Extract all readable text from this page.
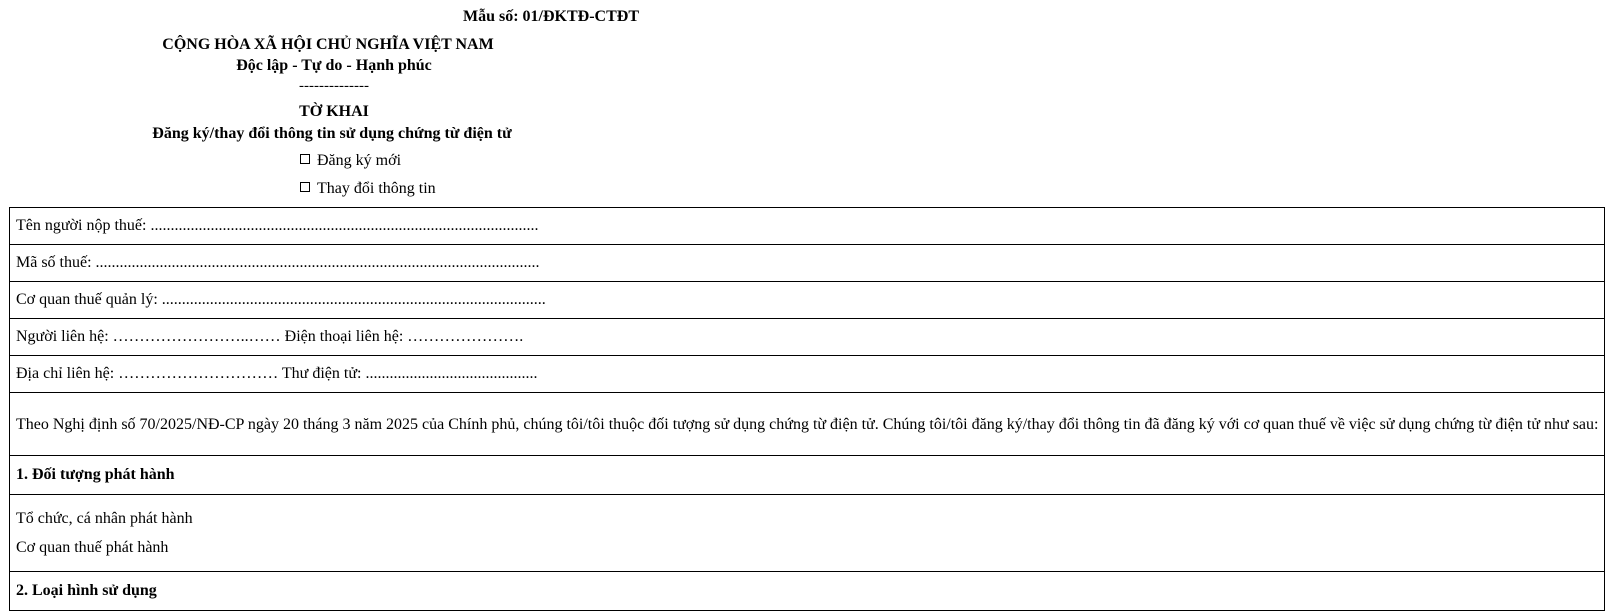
Mẫu số: 01/ĐKTĐ-CTĐT
CỘNG HÒA XÃ HỘI CHỦ NGHĨA VIỆT NAM
Độc lập - Tự do - Hạnh phúc
--------------
TỜ KHAI
Đăng ký/thay đổi thông tin sử dụng chứng từ điện tử
Đăng ký mới
Thay đổi thông tin
Tên người nộp thuế: .................................................................................................
Mã số thuế: ...............................................................................................................
Cơ quan thuế quản lý: ................................................................................................
Người liên hệ: ……………………..…… Điện thoại liên hệ: ………………….
Địa chỉ liên hệ: ………………………… Thư điện tử: ...........................................
Theo Nghị định số 70/2025/NĐ-CP ngày 20 tháng 3 năm 2025 của Chính phủ, chúng tôi/tôi thuộc đối tượng sử dụng chứng từ điện tử. Chúng tôi/tôi đăng ký/thay đổi thông tin đã đăng ký với cơ quan thuế về việc sử dụng chứng từ điện tử như sau:
1. Đối tượng phát hành

Tổ chức, cá nhân phát hành
Cơ quan thuế phát hành

2. Loại hình sử dụng
